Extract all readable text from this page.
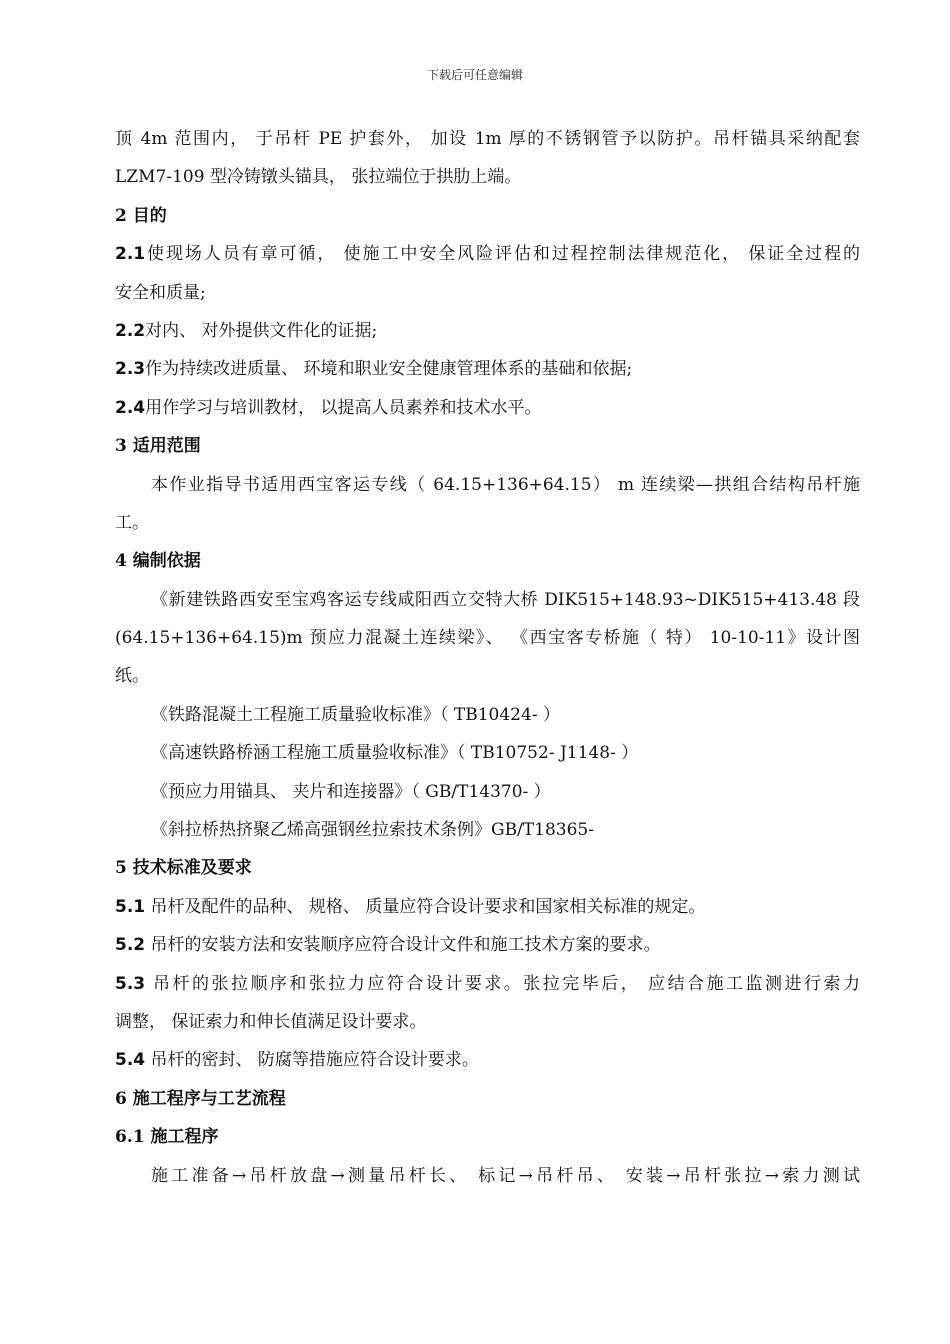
下载后可任意编辑
顶 4m 范围内， 于吊杆 PE 护套外， 加设 1m 厚的不锈钢管予以防护。吊杆锚具采纳配套
LZM7-109 型冷铸镦头锚具， 张拉端位于拱肋上端。
2 目的
2.1使现场人员有章可循， 使施工中安全风险评估和过程控制法律规范化， 保证全过程的
安全和质量;
2.2对内、 对外提供文件化的证据;
2.3作为持续改进质量、 环境和职业安全健康管理体系的基础和依据;
2.4用作学习与培训教材， 以提高人员素养和技术水平。
3 适用范围
本作业指导书适用西宝客运专线（ 64.15+136+64.15） m 连续梁—拱组合结构吊杆施
工。
4 编制依据
《新建铁路西安至宝鸡客运专线咸阳西立交特大桥 DIK515+148.93~DIK515+413.48 段
(64.15+136+64.15)m 预应力混凝土连续梁》、 《西宝客专桥施（ 特） 10-10-11》设计图
纸。
《铁路混凝土工程施工质量验收标准》（ TB10424- ）
《高速铁路桥涵工程施工质量验收标准》（ TB10752- J1148- ）
《预应力用锚具、 夹片和连接器》（ GB/T14370- ）
《斜拉桥热挤聚乙烯高强钢丝拉索技术条例》GB/T18365-
5 技术标准及要求
5.1 吊杆及配件的品种、 规格、 质量应符合设计要求和国家相关标准的规定。
5.2 吊杆的安装方法和安装顺序应符合设计文件和施工技术方案的要求。
5.3 吊杆的张拉顺序和张拉力应符合设计要求。张拉完毕后， 应结合施工监测进行索力
调整， 保证索力和伸长值满足设计要求。
5.4 吊杆的密封、 防腐等措施应符合设计要求。
6 施工程序与工艺流程
6.1 施工程序
施工准备→吊杆放盘→测量吊杆长、 标记→吊杆吊、 安装→吊杆张拉→索力测试
